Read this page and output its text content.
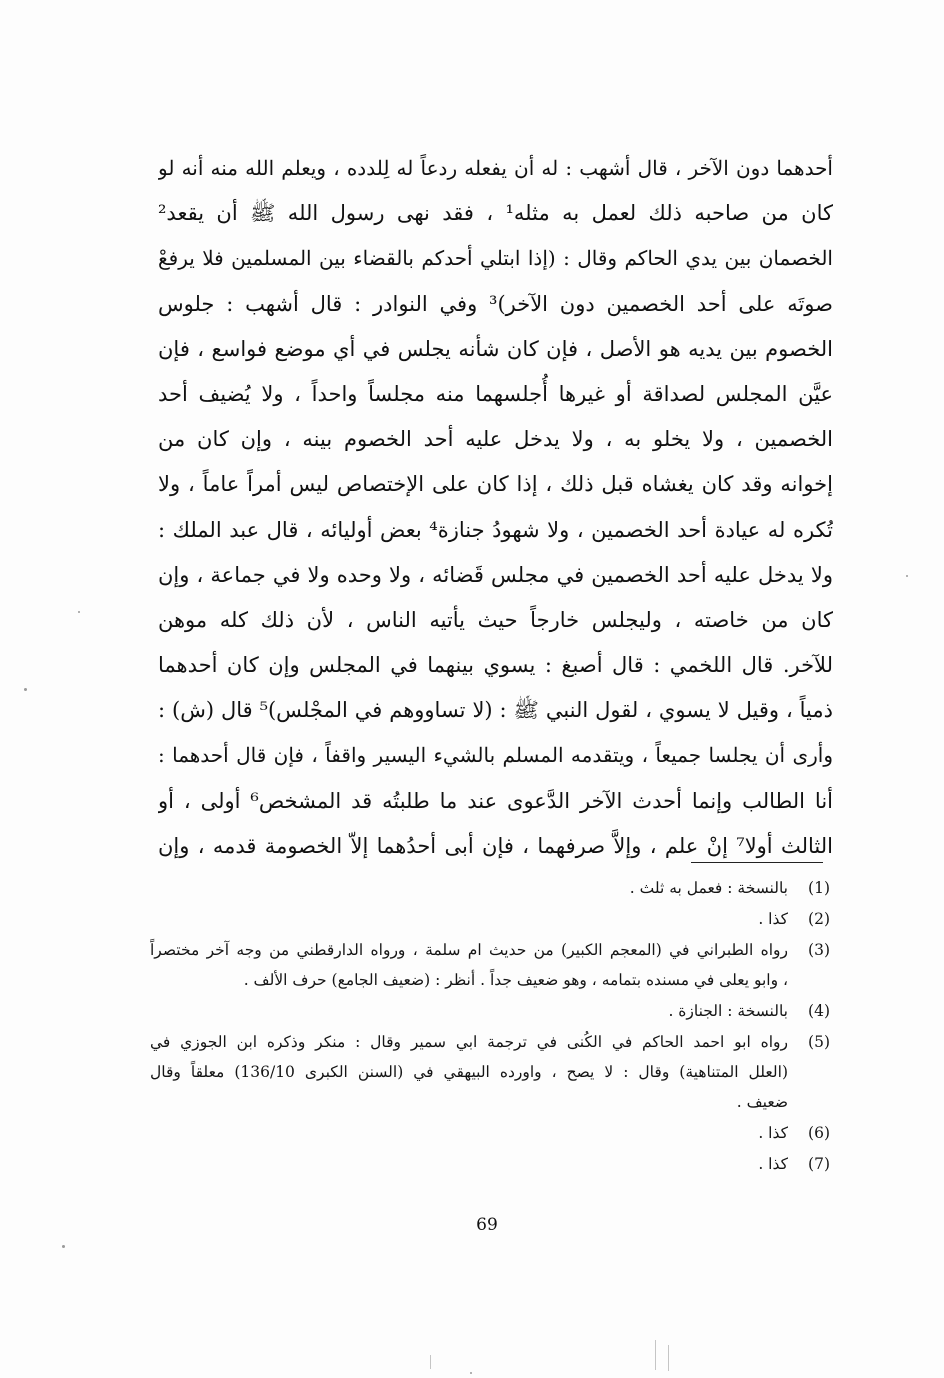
أحدهما دون الآخر ، قال أشهب : له أن يفعله ردعاً له لِلدده ، ويعلم الله منه أنه لو
كان من صاحبه ذلك لعمل به مثله¹ ، فقد نهى رسول الله ﷺ أن يقعد²
الخصمان بين يدي الحاكم وقال : (إذا ابتلي أحدكم بالقضاء بين المسلمين فلا يرفعْ
صوتَه على أحد الخصمين دون الآخر)³ وفي النوادر : قال أشهب : جلوس
الخصوم بين يديه هو الأصل ، فإن كان شأنه يجلس في أي موضع فواسع ، فإن
عيَّن المجلس لصداقة أو غيرها أُجلسهما منه مجلساً واحداً ، ولا يُضيف أحد
الخصمين ، ولا يخلو به ، ولا يدخل عليه أحد الخصوم بينه ، وإن كان من
إخوانه وقد كان يغشاه قبل ذلك ، إذا كان على الإختصاص ليس أمراً عاماً ، ولا
تُكره له عيادة أحد الخصمين ، ولا شهودُ جنازة⁴ بعض أوليائه ، قال عبد الملك :
ولا يدخل عليه أحد الخصمين في مجلس قَضائه ، ولا وحده ولا في جماعة ، وإن
كان من خاصته ، وليجلس خارجاً حيث يأتيه الناس ، لأن ذلك كله موهن
للآخر. قال اللخمي : قال أصبغ : يسوي بينهما في المجلس وإن كان أحدهما
ذمياً ، وقيل لا يسوي ، لقول النبي ﷺ : (لا تساووهم في المجْلس)⁵ قال (ش) :
وأرى أن يجلسا جميعاً ، ويتقدمه المسلم بالشيء اليسير واقفاً ، فإن قال أحدهما :
أنا الطالب وإنما أحدث الآخر الدَّعوى عند ما طلبتُه قد المشخص⁶ أولى ، أو
الثالث أولا⁷ إنْ علم ، وإلاَّ صرفهما ، فإن أبى أحدُهما إلاّ الخصومة قدمه ، وإن
(1)
بالنسخة : فعمل به ثلث .
(2)
كذا .
(3)
رواه الطبراني في (المعجم الكبير) من حديث ام سلمة ، ورواه الدارقطني من وجه آخر مختصراً
، وابو يعلى في مسنده بتمامه ، وهو ضعيف جداً . أنظر : (ضعيف الجامع) حرف الألف .
(4)
بالنسخة : الجنازة .
(5)
رواه ابو احمد الحاكم في الكُنى في ترجمة ابي سمير وقال : منكر وذكره ابن الجوزي في
(العلل المتناهية) وقال : لا يصح ، واورده البيهقي في (السنن الكبرى 136/10) معلقاً وقال
ضعيف .
(6)
كذا .
(7)
كذا .
69
